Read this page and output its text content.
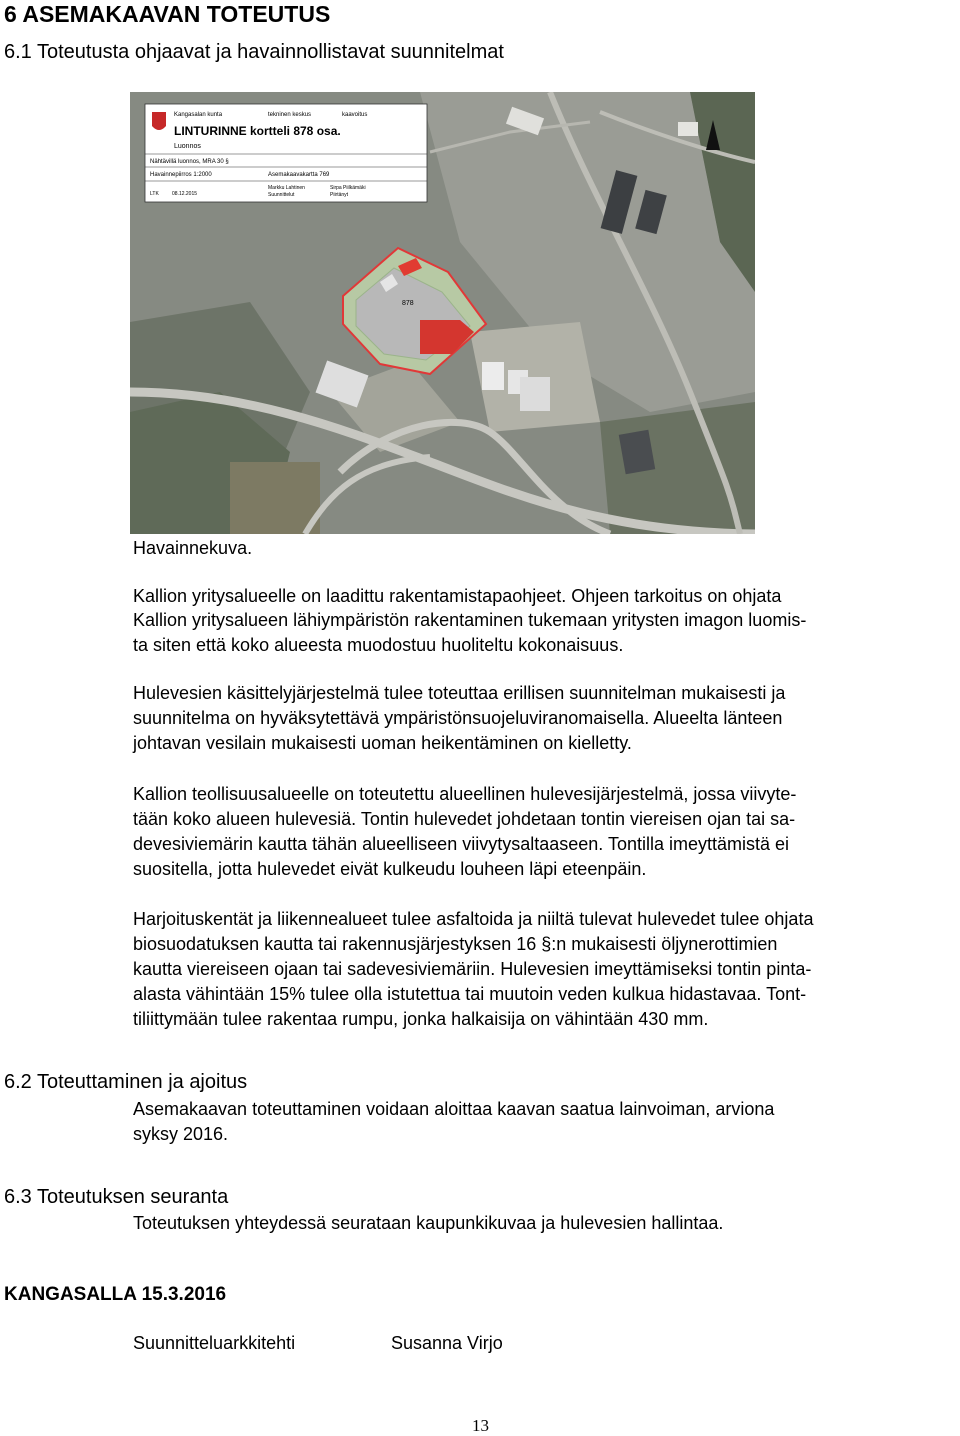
6 ASEMAKAAVAN TOTEUTUS
6.1 Toteutusta ohjaavat ja havainnollistavat suunnitelmat
878
Kangasalan kunta	tekninen keskus	kaavoitus
LINTURINNE kortteli 878 osa.
Luonnos
Nähtävillä luonnos, MRA 30 §
Havainnepiirros 1:2000	Asemakaavakartta 769
LTK	08.12.2015
Markku Lahtinen
Suunnittelut
Sirpa Piilkämäki
Piirtänyt
Havainnekuva.
Kallion yritysalueelle on laadittu rakentamistapaohjeet. Ohjeen tarkoitus on ohjata
Kallion yritysalueen lähiympäristön rakentaminen tukemaan yritysten imagon luomis-
ta siten että koko alueesta muodostuu huoliteltu kokonaisuus.
Hulevesien käsittelyjärjestelmä tulee toteuttaa erillisen suunnitelman mukaisesti ja
suunnitelma on hyväksytettävä ympäristönsuojeluviranomaisella. Alueelta länteen
johtavan vesilain mukaisesti uoman heikentäminen on kielletty.
Kallion teollisuusalueelle on toteutettu alueellinen hulevesijärjestelmä, jossa viivyte-
tään koko alueen hulevesiä. Tontin hulevedet johdetaan tontin viereisen ojan tai sa-
devesiviemärin kautta tähän alueelliseen viivytysaltaaseen. Tontilla imeyttämistä ei
suositella, jotta hulevedet eivät kulkeudu louheen läpi eteenpäin.
Harjoituskentät ja liikennealueet tulee asfaltoida ja niiltä tulevat hulevedet tulee ohjata
biosuodatuksen kautta tai rakennusjärjestyksen 16 §:n mukaisesti öljynerottimien
kautta viereiseen ojaan tai sadevesiviemäriin. Hulevesien imeyttämiseksi tontin pinta-
alasta vähintään 15% tulee olla istutettua tai muutoin veden kulkua hidastavaa. Tont-
tiliittymään tulee rakentaa rumpu, jonka halkaisija on vähintään 430 mm.
6.2 Toteuttaminen ja ajoitus
Asemakaavan toteuttaminen voidaan aloittaa kaavan saatua lainvoiman, arviona
syksy 2016.
6.3 Toteutuksen seuranta
Toteutuksen yhteydessä seurataan kaupunkikuvaa ja hulevesien hallintaa.
KANGASALLA 15.3.2016
Suunnitteluarkkitehti	Susanna Virjo
13
